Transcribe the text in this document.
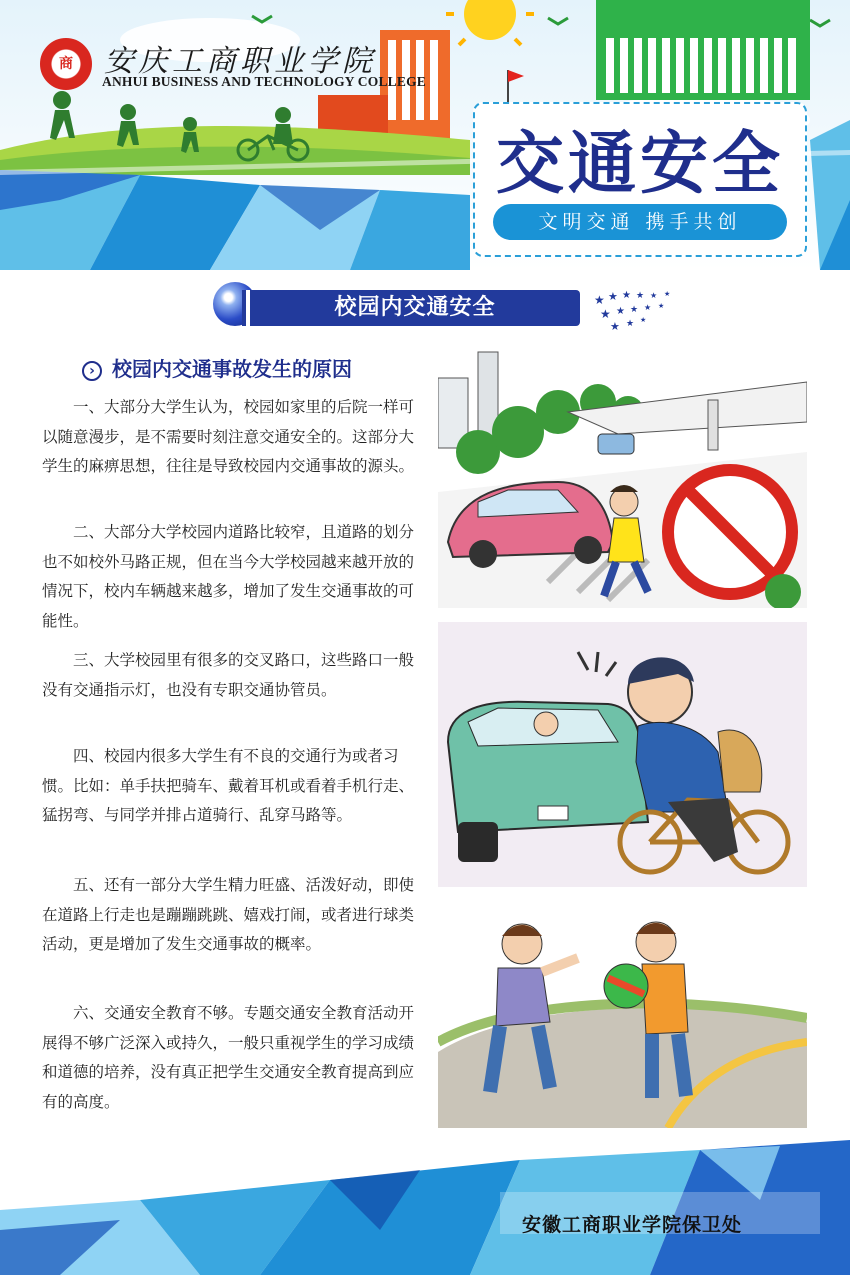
商	安庆工商职业学院
ANHUI BUSINESS AND TECHNOLOGY COLLEGE
交通安全
文明交通 携手共创
校园内交通安全	★ ★ ★ ★ ★ ★
★ ★ ★ ★ ★
★ ★ ★
› 校园内交通事故发生的原因

一、大部分大学生认为，校园如家里的后院一样可以随意漫步，是不需要时刻注意交通安全的。这部分大学生的麻痹思想，往往是导致校园内交通事故的源头。

二、大部分大学校园内道路比较窄，且道路的划分也不如校外马路正规，但在当今大学校园越来越开放的情况下，校内车辆越来越多，增加了发生交通事故的可能性。

三、大学校园里有很多的交叉路口，这些路口一般没有交通指示灯，也没有专职交通协管员。

四、校园内很多大学生有不良的交通行为或者习惯。比如：单手扶把骑车、戴着耳机或看着手机行走、猛拐弯、与同学并排占道骑行、乱穿马路等。

五、还有一部分大学生精力旺盛、活泼好动，即使在道路上行走也是蹦蹦跳跳、嬉戏打闹，或者进行球类活动，更是增加了发生交通事故的概率。

六、交通安全教育不够。专题交通安全教育活动开展得不够广泛深入或持久，一般只重视学生的学习成绩和道德的培养，没有真正把学生交通安全教育提高到应有的高度。

安徽工商职业学院保卫处
